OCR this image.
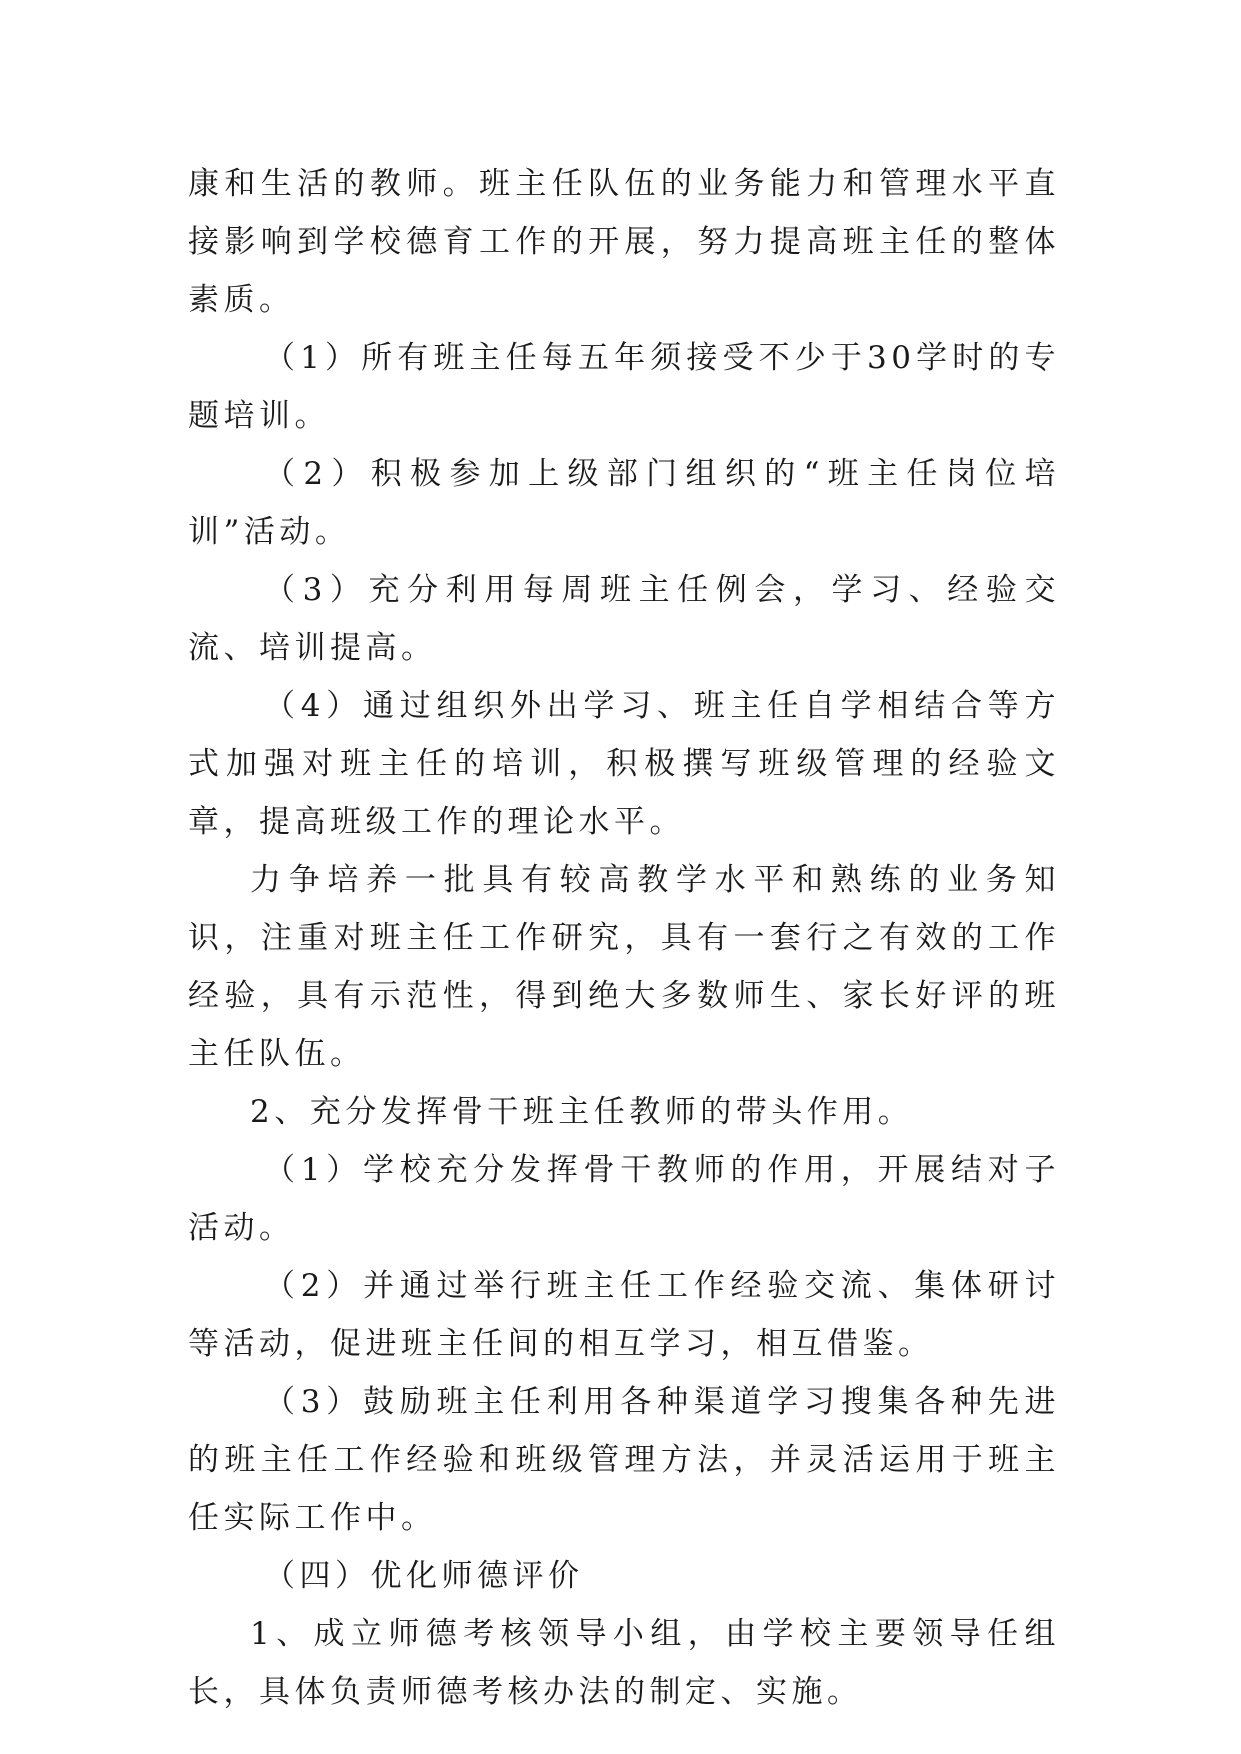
康和生活的教师。班主任队伍的业务能力和管理水平直接影响到学校德育工作的开展，努力提高班主任的整体素质。

（1）所有班主任每五年须接受不少于30学时的专题培训。

（2）积极参加上级部门组织的“班主任岗位培训”活动。

（3）充分利用每周班主任例会，学习、经验交流、培训提高。

（4）通过组织外出学习、班主任自学相结合等方式加强对班主任的培训，积极撰写班级管理的经验文章，提高班级工作的理论水平。

力争培养一批具有较高教学水平和熟练的业务知识，注重对班主任工作研究，具有一套行之有效的工作经验，具有示范性，得到绝大多数师生、家长好评的班主任队伍。

2、充分发挥骨干班主任教师的带头作用。

（1）学校充分发挥骨干教师的作用，开展结对子活动。

（2）并通过举行班主任工作经验交流、集体研讨等活动，促进班主任间的相互学习，相互借鉴。

（3）鼓励班主任利用各种渠道学习搜集各种先进的班主任工作经验和班级管理方法，并灵活运用于班主任实际工作中。

（四）优化师德评价

1、成立师德考核领导小组，由学校主要领导任组长，具体负责师德考核办法的制定、实施。
